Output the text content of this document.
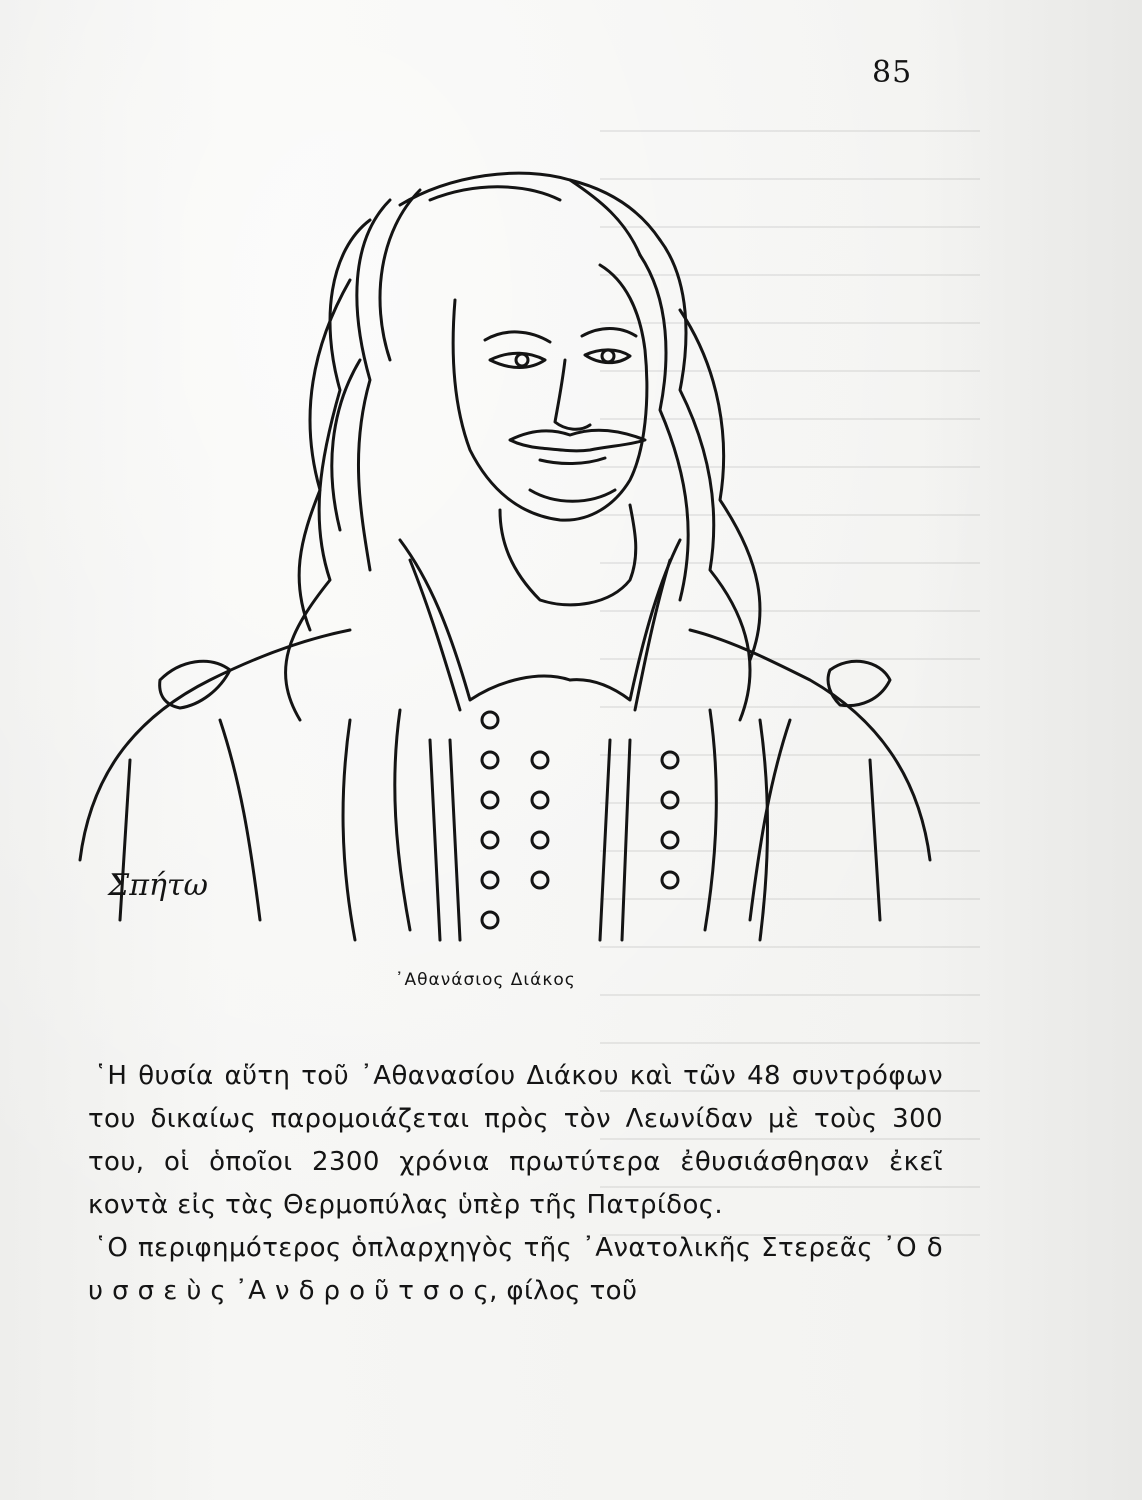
85
Σπήτω
᾿Αθανάσιος Διάκος

῾Η θυσία αὕτη τοῦ ᾿Αθανασίου Διάκου καὶ τῶν 48 συντρόφων του δικαίως παρομοιάζεται πρὸς τὸν Λεωνίδαν μὲ τοὺς 300 του, οἱ ὁποῖοι 2300 χρόνια πρωτύτερα ἐθυσιάσθησαν ἐκεῖ κοντὰ εἰς τὰς Θερμοπύλας ὑπὲρ τῆς Πατρίδος.

῾Ο περιφημότερος ὁπλαρχηγὸς τῆς ᾿Ανατολικῆς Στερεᾶς ᾿Ο δ υ σ σ ε ὺ ς ᾿Α ν δ ρ ο ῦ τ σ ο ς, φίλος τοῦ
